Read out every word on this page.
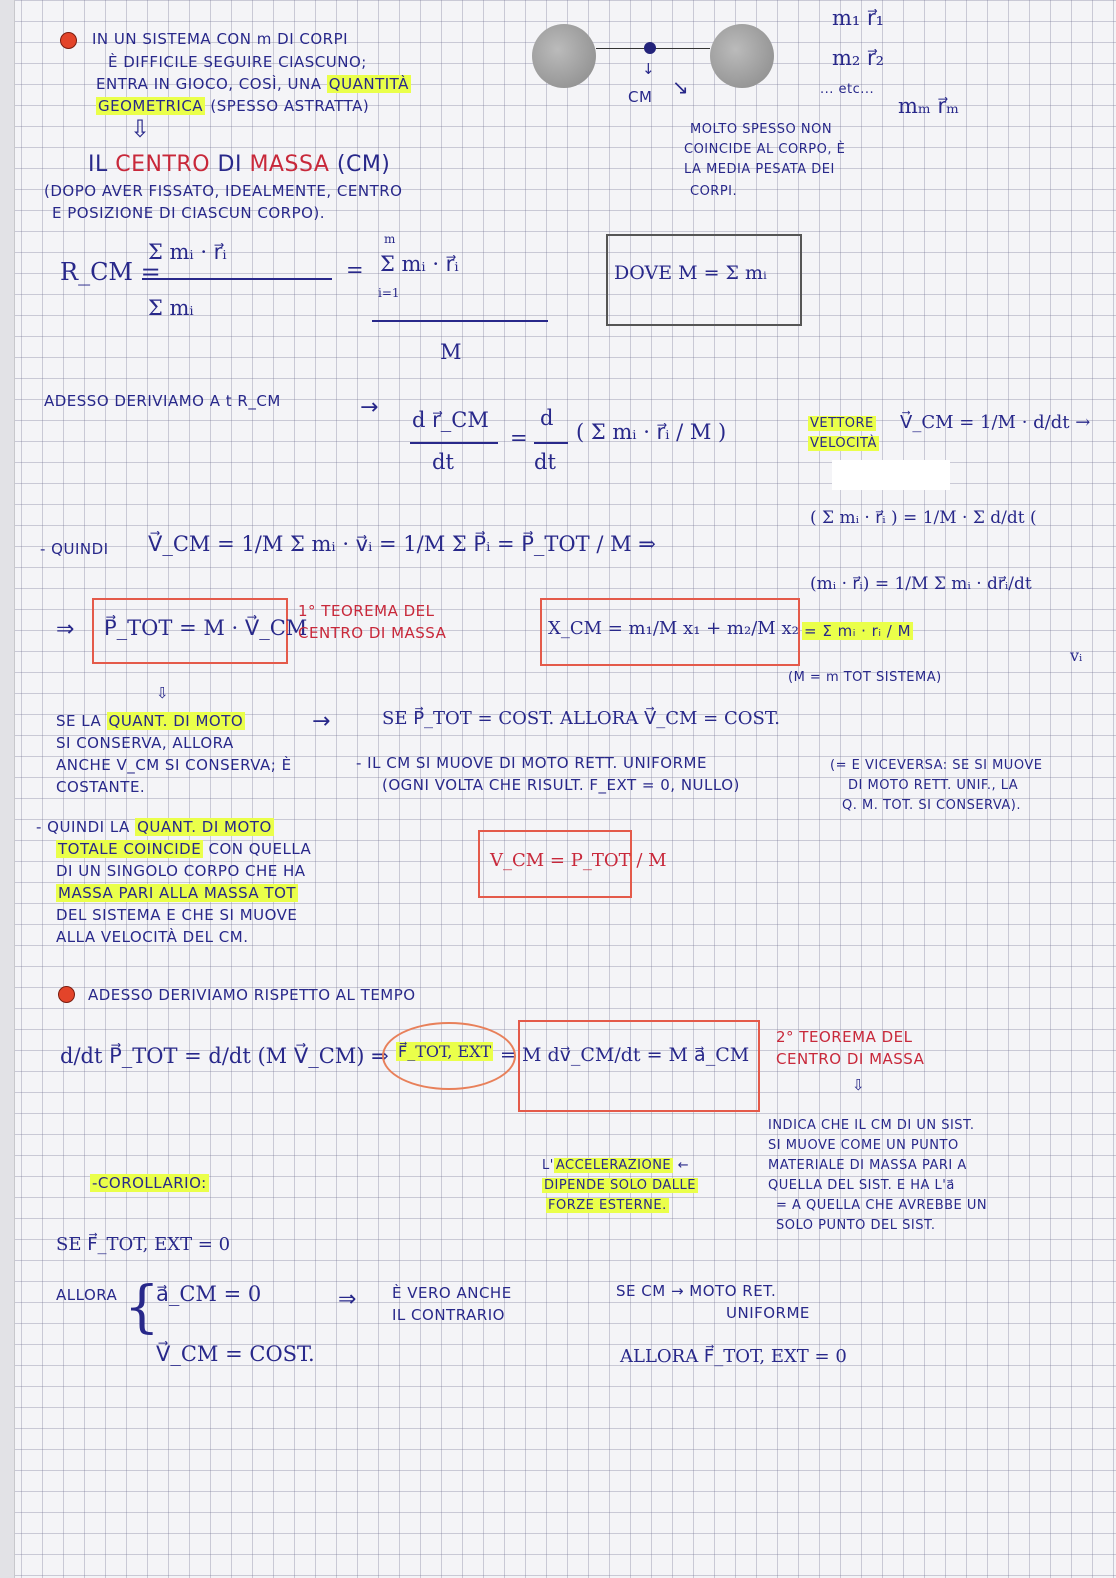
IN UN SISTEMA CON m DI CORPI
È DIFFICILE SEGUIRE CIASCUNO;
ENTRA IN GIOCO, COSÌ, UNA QUANTITÀ
GEOMETRICA (SPESSO ASTRATTA)
⇩
IL CENTRO DI MASSA (CM)
(DOPO AVER FISSATO, IDEALMENTE, CENTRO
E POSIZIONE DI CIASCUN CORPO).
↓
CM ↘
MOLTO SPESSO NON
COINCIDE AL CORPO, È
LA MEDIA PESATA DEI
CORPI.
m₁ r⃗₁
m₂ r⃗₂
... etc...
mₘ r⃗ₘ
R_CM =
Σ mᵢ · r⃗ᵢ
Σ mᵢ
=
m
Σ mᵢ · r⃗ᵢ
i=1
M
DOVE M = Σ mᵢ
ADESSO DERIVIAMO A t R_CM	→ d r⃗_CM
dt
=
d
dt
( Σ mᵢ · r⃗ᵢ / M )	VETTORE
VELOCITÀ
V⃗_CM = 1/M · d/dt →
( Σ mᵢ · r⃗ᵢ ) = 1/M · Σ d/dt (
(mᵢ · r⃗ᵢ) = 1/M Σ mᵢ · dr⃗ᵢ/dt
vᵢ
- QUINDI V⃗_CM = 1/M Σ mᵢ · v⃗ᵢ = 1/M Σ P⃗ᵢ = P⃗_TOT / M ⇒
⇒ P⃗_TOT = M · V⃗_CM
1° TEOREMA DEL
CENTRO DI MASSA	X_CM = m₁/M x₁ + m₂/M x₂ = Σ mᵢ · rᵢ / M
(M = m TOT SISTEMA)
⇩
SE LA QUANT. DI MOTO
SI CONSERVA, ALLORA
ANCHE V_CM SI CONSERVA; È
COSTANTE.
→	SE P⃗_TOT = COST. ALLORA V⃗_CM = COST.
- IL CM SI MUOVE DI MOTO RETT. UNIFORME
(OGNI VOLTA CHE RISULT. F_EXT = 0, NULLO)
(= E VICEVERSA: SE SI MUOVE
DI MOTO RETT. UNIF., LA
Q. M. TOT. SI CONSERVA).
- QUINDI LA QUANT. DI MOTO
TOTALE COINCIDE CON QUELLA
DI UN SINGOLO CORPO CHE HA
MASSA PARI ALLA MASSA TOT
DEL SISTEMA E CHE SI MUOVE
ALLA VELOCITÀ DEL CM.
V_CM = P_TOT / M
ADESSO DERIVIAMO RISPETTO AL TEMPO
d/dt P⃗_TOT = d/dt (M V⃗_CM) ⇒ F⃗_TOT, EXT = M dv⃗_CM/dt = M a⃗_CM
2° TEOREMA DEL
CENTRO DI MASSA
⇩
INDICA CHE IL CM DI UN SIST.
SI MUOVE COME UN PUNTO
MATERIALE DI MASSA PARI A
QUELLA DEL SIST. E HA L'a⃗
= A QUELLA CHE AVREBBE UN
SOLO PUNTO DEL SIST.
L' ACCELERAZIONE ←
DIPENDE SOLO DALLE
FORZE ESTERNE.
-COROLLARIO:
SE F⃗_TOT, EXT = 0
ALLORA {
a⃗_CM = 0
V⃗_CM = COST.
⇒ È VERO ANCHE
IL CONTRARIO
SE CM → MOTO RET.
UNIFORME
ALLORA F⃗_TOT, EXT = 0
